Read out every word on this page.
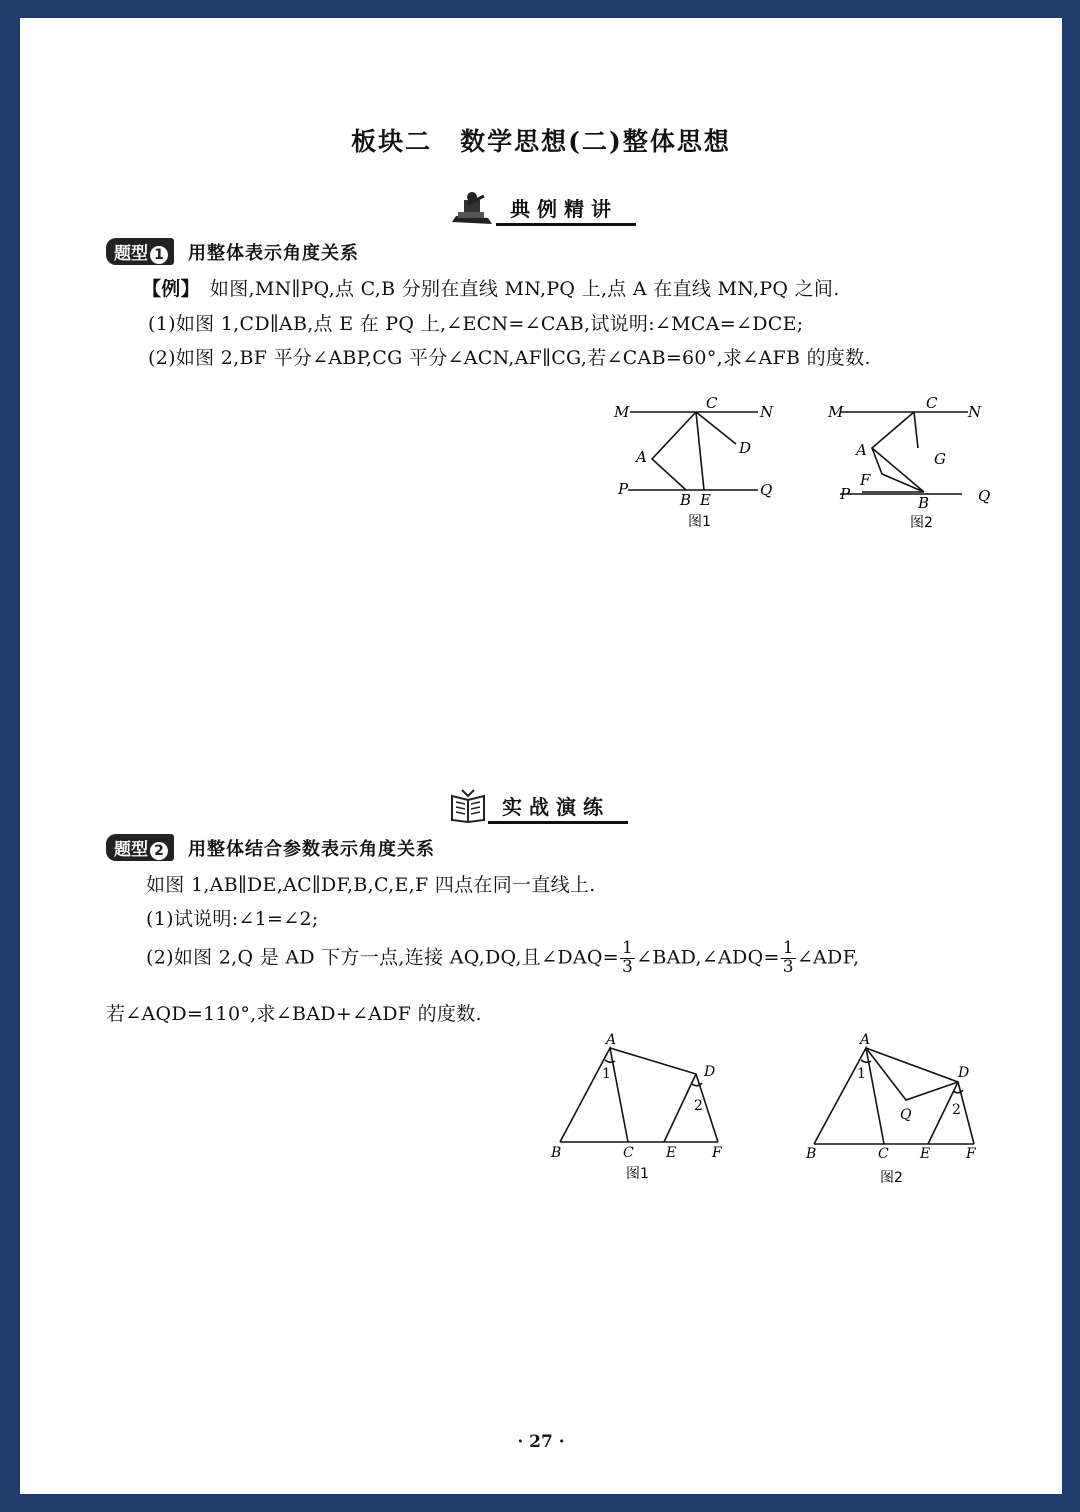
板块二 数学思想(二)整体思想
典例精讲
题型 1 用整体表示角度关系
【例】 如图,MN∥PQ,点 C,B 分别在直线 MN,PQ 上,点 A 在直线 MN,PQ 之间.
(1)如图 1,CD∥AB,点 E 在 PQ 上,∠ECN=∠CAB,试说明:∠MCA=∠DCE;
(2)如图 2,BF 平分∠ABP,CG 平分∠ACN,AF∥CG,若∠CAB=60°,求∠AFB 的度数.
M	C	N
A	D
P
B E
Q
图1
M	C N
A	G
F
P	B	Q
图2
实战演练
题型 2 用整体结合参数表示角度关系
如图 1,AB∥DE,AC∥DF,B,C,E,F 四点在同一直线上.
(1)试说明:∠1=∠2;
(2)如图 2,Q 是 AD 下方一点,连接 AQ,DQ,且∠DAQ= $\frac{1}{3}$ ∠BAD,∠ADQ= $\frac{1}{3}$ ∠ADF,
若∠AQD=110°,求∠BAD+∠ADF 的度数.
A
D
1
2
B	C E	F
图1
A
D
1
2
Q
B	C E	F
图2
· 27 ·
